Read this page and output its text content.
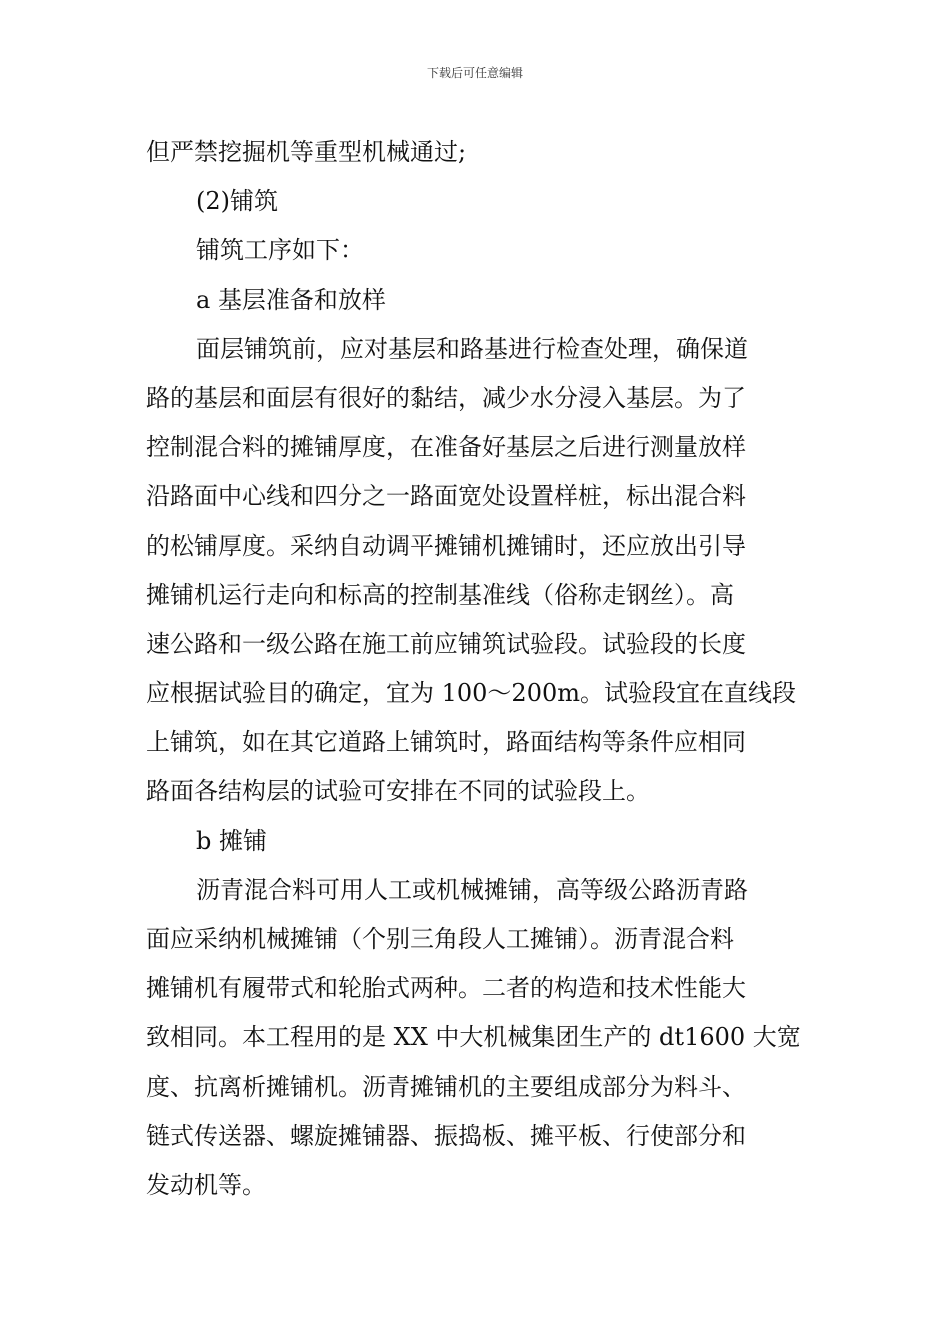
下载后可任意编辑
但严禁挖掘机等重型机械通过;
(2)铺筑
铺筑工序如下：
a 基层准备和放样
面层铺筑前，应对基层和路基进行检查处理，确保道
路的基层和面层有很好的黏结，减少水分浸入基层。为了
控制混合料的摊铺厚度，在准备好基层之后进行测量放样
沿路面中心线和四分之一路面宽处设置样桩，标出混合料
的松铺厚度。采纳自动调平摊铺机摊铺时，还应放出引导
摊铺机运行走向和标高的控制基准线（俗称走钢丝）。高
速公路和一级公路在施工前应铺筑试验段。试验段的长度
应根据试验目的确定，宜为 100～200m。试验段宜在直线段
上铺筑，如在其它道路上铺筑时，路面结构等条件应相同
路面各结构层的试验可安排在不同的试验段上。
b 摊铺
沥青混合料可用人工或机械摊铺，高等级公路沥青路
面应采纳机械摊铺（个别三角段人工摊铺）。沥青混合料
摊铺机有履带式和轮胎式两种。二者的构造和技术性能大
致相同。本工程用的是 XX 中大机械集团生产的 dt1600 大宽
度、抗离析摊铺机。沥青摊铺机的主要组成部分为料斗、
链式传送器、螺旋摊铺器、振捣板、摊平板、行使部分和
发动机等。
